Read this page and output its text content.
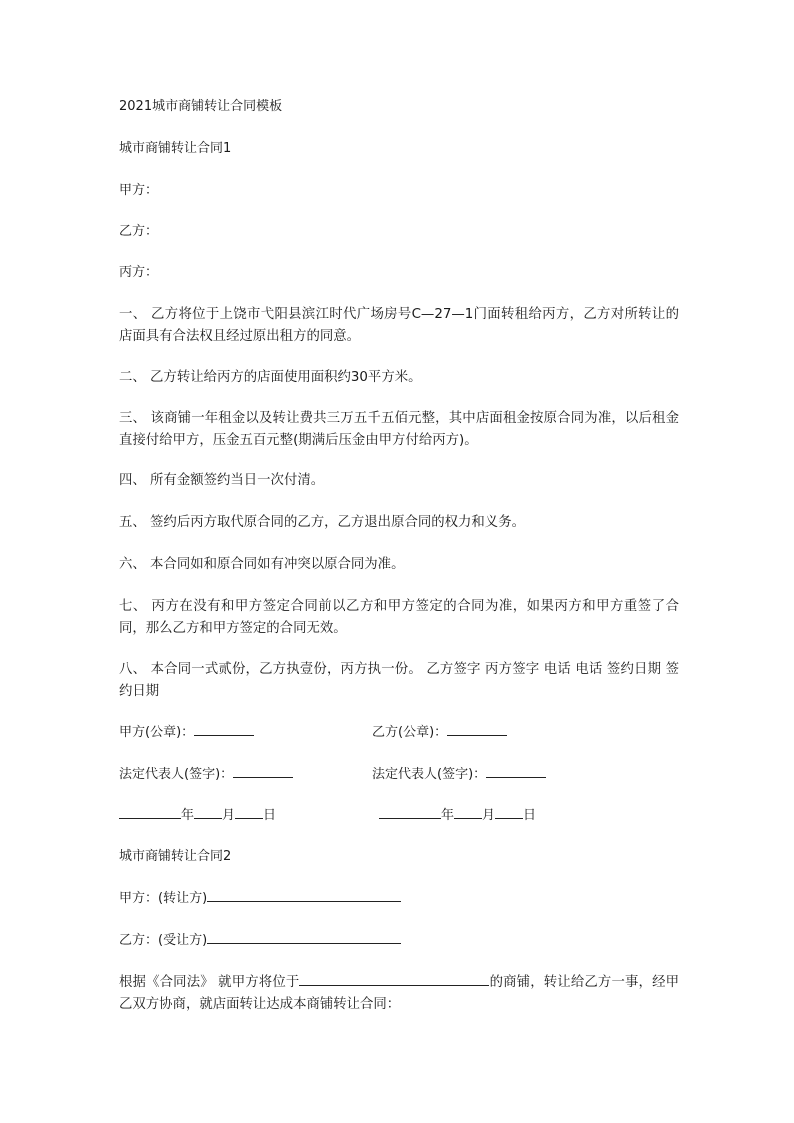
2021城市商铺转让合同模板
城市商铺转让合同1
甲方：
乙方：
丙方：
一、 乙方将位于上饶市弋阳县滨江时代广场房号C—27—1门面转租给丙方，乙方对所转让的店面具有合法权且经过原出租方的同意。
二、 乙方转让给丙方的店面使用面积约30平方米。
三、 该商铺一年租金以及转让费共三万五千五佰元整，其中店面租金按原合同为准，以后租金直接付给甲方，压金五百元整(期满后压金由甲方付给丙方)。
四、 所有金额签约当日一次付清。
五、 签约后丙方取代原合同的乙方，乙方退出原合同的权力和义务。
六、 本合同如和原合同如有冲突以原合同为准。
七、 丙方在没有和甲方签定合同前以乙方和甲方签定的合同为准，如果丙方和甲方重签了合同，那么乙方和甲方签定的合同无效。
八、 本合同一式贰份，乙方执壹份，丙方执一份。 乙方签字 丙方签字 电话 电话 签约日期 签约日期
甲方(公章)：	乙方(公章)：
法定代表人(签字)：	法定代表人(签字)：
年 月 日	年 月 日
城市商铺转让合同2
甲方：(转让方)
乙方：(受让方)
根据《合同法》 就甲方将位于	的商铺，转让给乙方一事，经甲乙双方协商，就店面转让达成本商铺转让合同：
